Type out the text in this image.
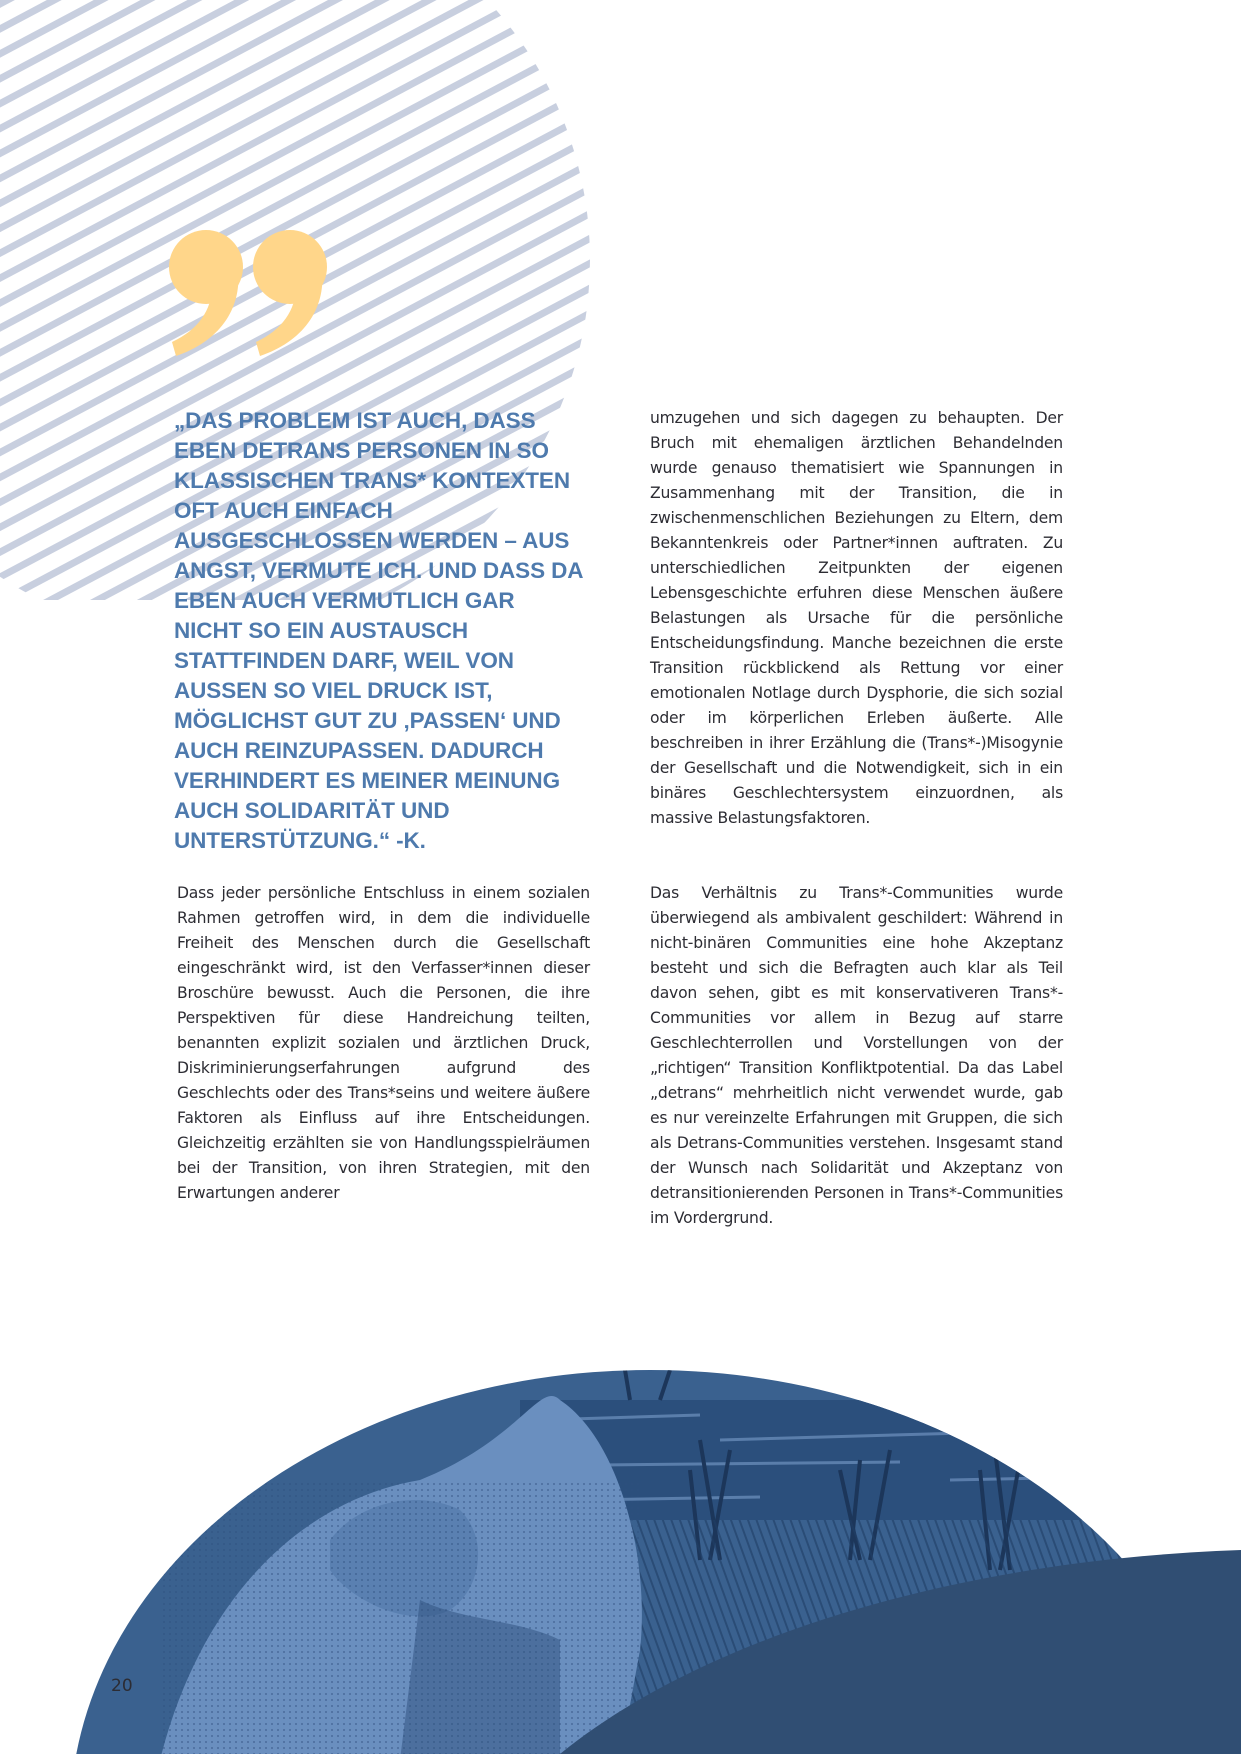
„DAS PROBLEM IST AUCH, DASS EBEN DETRANS PERSONEN IN SO KLASSISCHEN TRANS* KONTEXTEN OFT AUCH EINFACH AUSGESCHLOSSEN WERDEN – AUS ANGST, VERMUTE ICH. UND DASS DA EBEN AUCH VERMUTLICH GAR NICHT SO EIN AUSTAUSCH STATTFINDEN DARF, WEIL VON AUSSEN SO VIEL DRUCK IST, MÖGLICHST GUT ZU ‚PASSEN‘ UND AUCH REINZUPASSEN. DADURCH VERHINDERT ES MEINER MEINUNG AUCH SOLIDARITÄT UND UNTERSTÜTZUNG.“ -K.

umzugehen und sich dagegen zu behaupten. Der Bruch mit ehemaligen ärztlichen Behandelnden wurde genauso thematisiert wie Spannungen in Zusammenhang mit der Transition, die in zwischenmenschlichen Beziehungen zu Eltern, dem Bekanntenkreis oder Partner*innen auftraten. Zu unterschiedlichen Zeitpunkten der eigenen Lebensgeschichte erfuhren diese Menschen äußere Belastungen als Ursache für die persönliche Entscheidungsfindung. Manche bezeichnen die erste Transition rückblickend als Rettung vor einer emotionalen Notlage durch Dysphorie, die sich sozial oder im körperlichen Erleben äußerte. Alle beschreiben in ihrer Erzählung die (Trans*-)Misogynie der Gesellschaft und die Notwendigkeit, sich in ein binäres Geschlechtersystem einzuordnen, als massive Belastungsfaktoren.

Dass jeder persönliche Entschluss in einem sozialen Rahmen getroffen wird, in dem die individuelle Freiheit des Menschen durch die Gesellschaft eingeschränkt wird, ist den Verfasser*innen dieser Broschüre bewusst. Auch die Personen, die ihre Perspektiven für diese Handreichung teilten, benannten explizit sozialen und ärztlichen Druck, Diskriminierungserfahrungen aufgrund des Geschlechts oder des Trans*seins und weitere äußere Faktoren als Einfluss auf ihre Entscheidungen. Gleichzeitig erzählten sie von Handlungsspielräumen bei der Transition, von ihren Strategien, mit den Erwartungen anderer

Das Verhältnis zu Trans*-Communities wurde überwiegend als ambivalent geschildert: Während in nicht-binären Communities eine hohe Akzeptanz besteht und sich die Befragten auch klar als Teil davon sehen, gibt es mit konservativeren Trans*-Communities vor allem in Bezug auf starre Geschlechterrollen und Vorstellungen von der „richtigen“ Transition Konfliktpotential. Da das Label „detrans“ mehrheitlich nicht verwendet wurde, gab es nur vereinzelte Erfahrungen mit Gruppen, die sich als Detrans-Communities verstehen. Insgesamt stand der Wunsch nach Solidarität und Akzeptanz von detransitionierenden Personen in Trans*-Communities im Vordergrund.

20
